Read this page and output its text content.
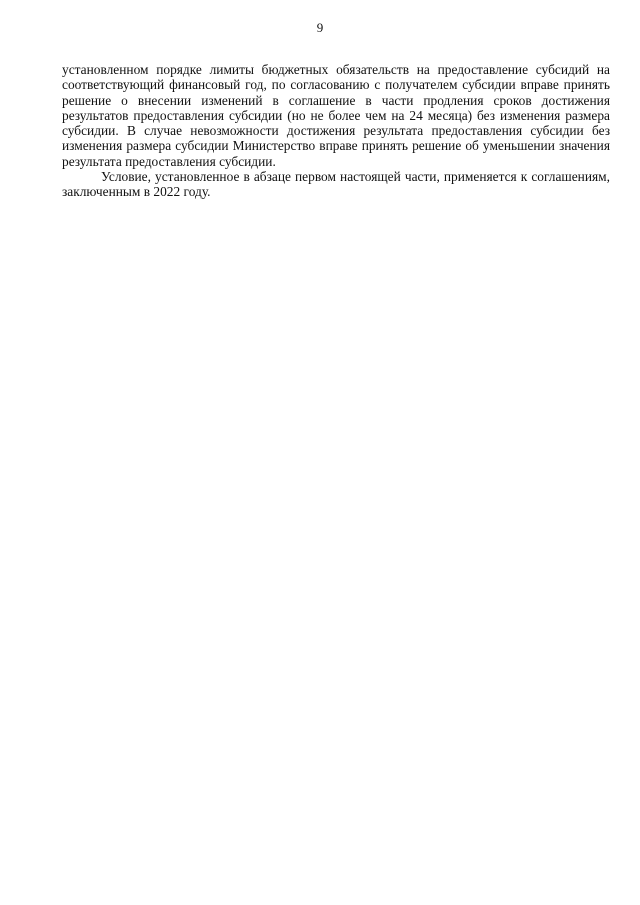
9

установленном порядке лимиты бюджетных обязательств на предоставление субсидий на соответствующий финансовый год, по согласованию с получателем субсидии вправе принять решение о внесении изменений в соглашение в части продления сроков достижения результатов предоставления субсидии (но не более чем на 24 месяца) без изменения размера субсидии. В случае невозможности достижения результата предоставления субсидии без изменения размера субсидии Министерство вправе принять решение об уменьшении значения результата предоставления субсидии.

Условие, установленное в абзаце первом настоящей части, применяется к соглашениям, заключенным в 2022 году.
